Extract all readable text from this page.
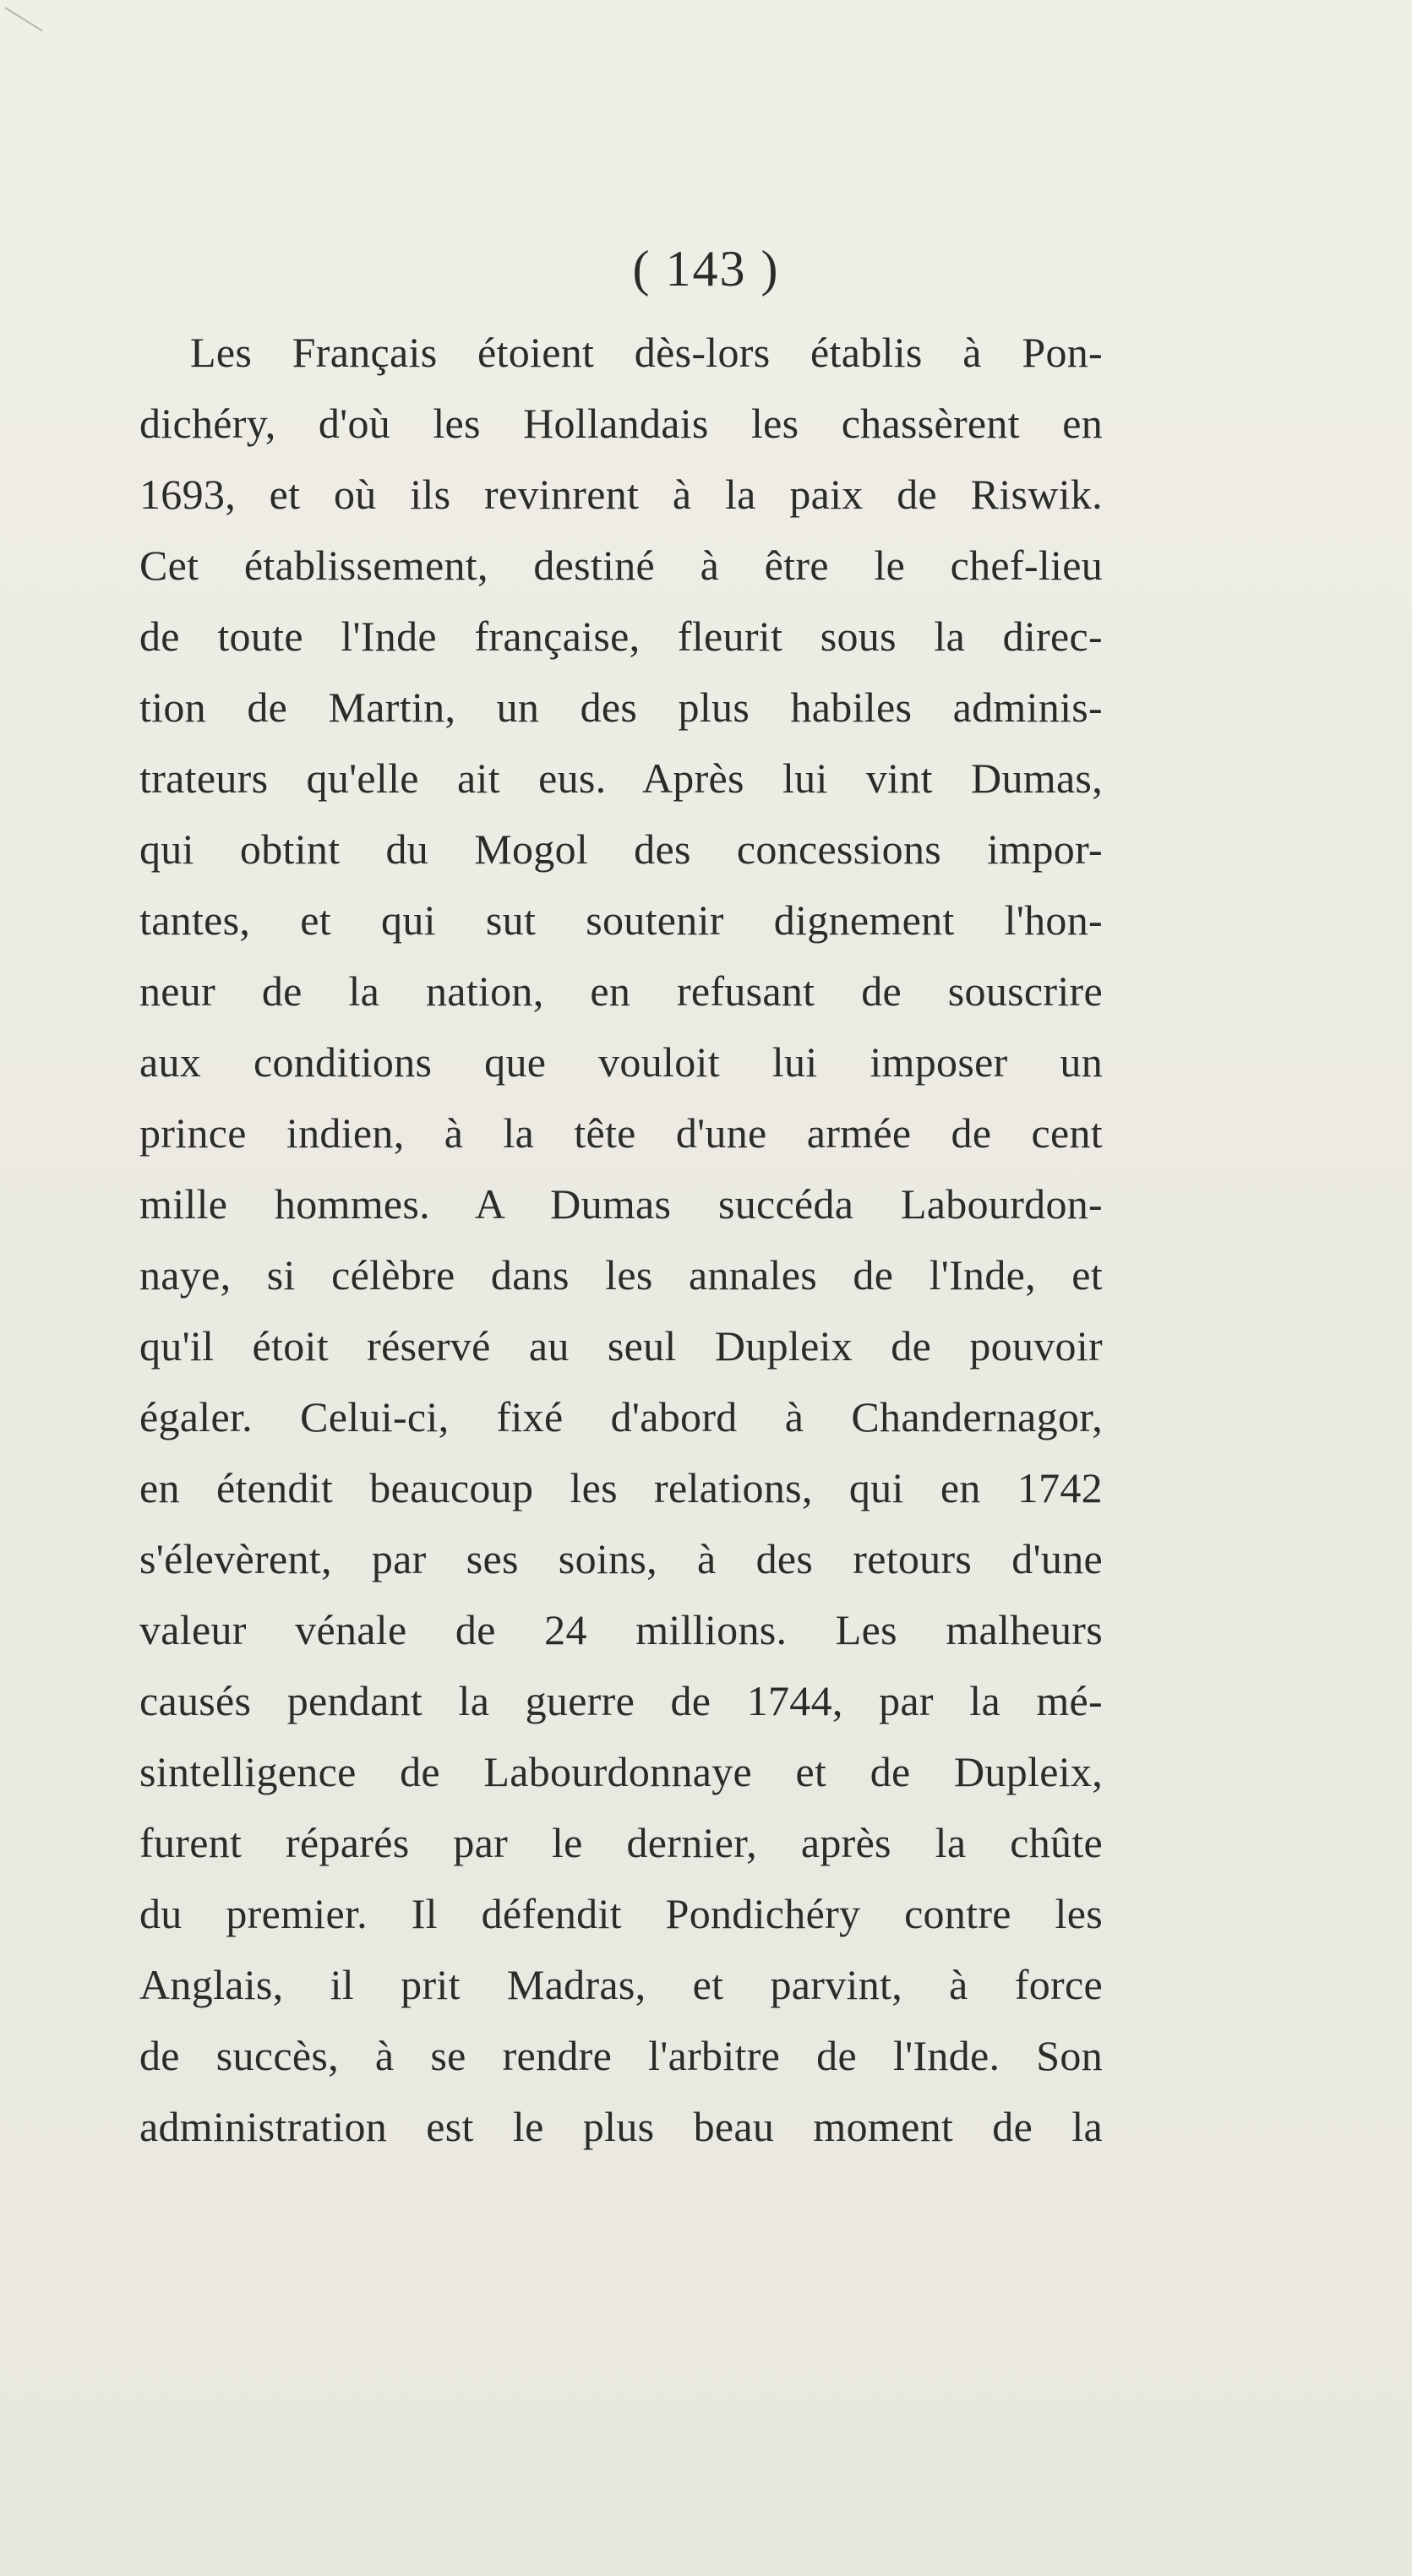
( 143 )
Les Français étoient dès-lors établis à Pon-
dichéry, d'où les Hollandais les chassèrent en
1693, et où ils revinrent à la paix de Riswik.
Cet établissement, destiné à être le chef-lieu
de toute l'Inde française, fleurit sous la direc-
tion de Martin, un des plus habiles adminis-
trateurs qu'elle ait eus. Après lui vint Dumas,
qui obtint du Mogol des concessions impor-
tantes, et qui sut soutenir dignement l'hon-
neur de la nation, en refusant de souscrire
aux conditions que vouloit lui imposer un
prince indien, à la tête d'une armée de cent
mille hommes. A Dumas succéda Labourdon-
naye, si célèbre dans les annales de l'Inde, et
qu'il étoit réservé au seul Dupleix de pouvoir
égaler. Celui-ci, fixé d'abord à Chandernagor,
en étendit beaucoup les relations, qui en 1742
s'élevèrent, par ses soins, à des retours d'une
valeur vénale de 24 millions. Les malheurs
causés pendant la guerre de 1744, par la mé-
sintelligence de Labourdonnaye et de Dupleix,
furent réparés par le dernier, après la chûte
du premier. Il défendit Pondichéry contre les
Anglais, il prit Madras, et parvint, à force
de succès, à se rendre l'arbitre de l'Inde. Son
administration est le plus beau moment de la
